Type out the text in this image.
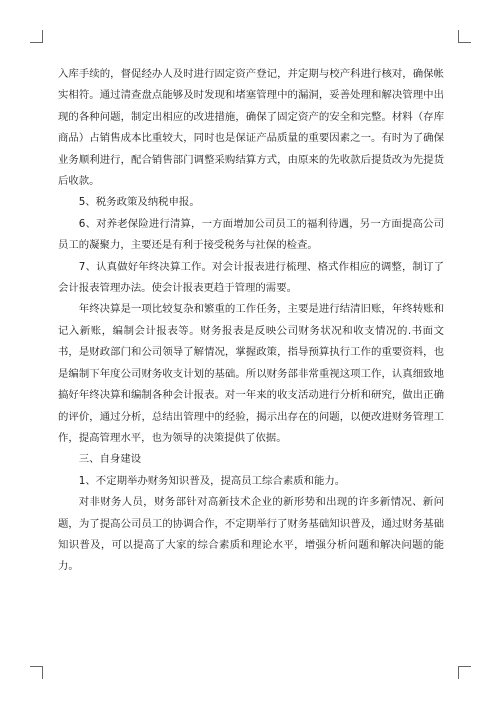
入库手续的，督促经办人及时进行固定资产登记，并定期与校产科进行核对，确保帐实相符。通过清查盘点能够及时发现和堵塞管理中的漏洞，妥善处理和解决管理中出现的各种问题，制定出相应的改进措施，确保了固定资产的安全和完整。材料（存库商品）占销售成本比重较大，同时也是保证产品质量的重要因素之一。有时为了确保业务顺利进行，配合销售部门调整采购结算方式，由原来的先收款后提货改为先提货后收款。

5、税务政策及纳税申报。

6、对养老保险进行清算，一方面增加公司员工的福利待遇，另一方面提高公司员工的凝聚力，主要还是有利于接受税务与社保的检查。

7、认真做好年终决算工作。对会计报表进行梳理、格式作相应的调整，制订了会计报表管理办法。使会计报表更趋于管理的需要。

年终决算是一项比较复杂和繁重的工作任务，主要是进行结清旧账，年终转账和记入新账，编制会计报表等。财务报表是反映公司财务状况和收支情况的.书面文书，是财政部门和公司领导了解情况，掌握政策，指导预算执行工作的重要资料，也是编制下年度公司财务收支计划的基础。所以财务部非常重视这项工作，认真细致地搞好年终决算和编制各种会计报表。对一年来的收支活动进行分析和研究，做出正确的评价，通过分析，总结出管理中的经验，揭示出存在的问题，以便改进财务管理工作，提高管理水平，也为领导的决策提供了依据。

三、自身建设

1、不定期举办财务知识普及，提高员工综合素质和能力。

对非财务人员，财务部针对高新技术企业的新形势和出现的许多新情况、新问题，为了提高公司员工的协调合作，不定期举行了财务基础知识普及，通过财务基础知识普及，可以提高了大家的综合素质和理论水平，增强分析问题和解决问题的能力。
